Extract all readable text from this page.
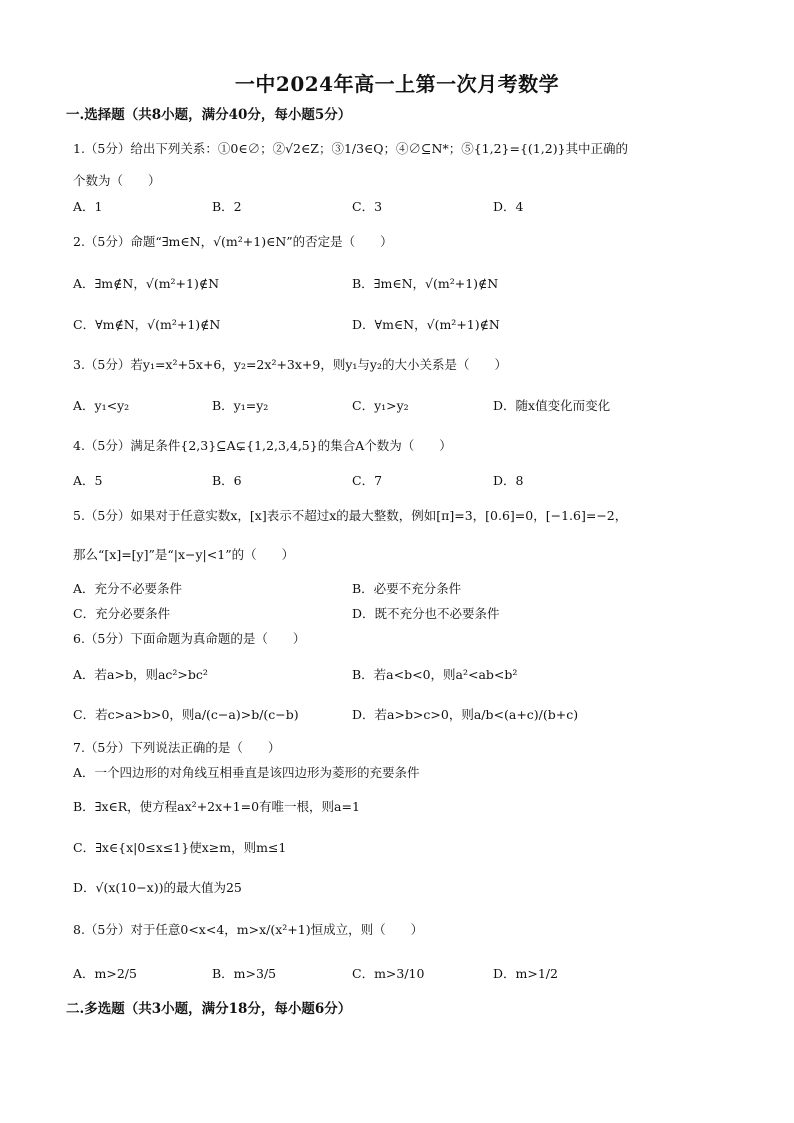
一中2024年高一上第一次月考数学
一.选择题（共8小题，满分40分，每小题5分）
1.（5分）给出下列关系：①0∈∅；②√2∈Z；③1/3∈Q；④∅⊆N*；⑤{1,2}={(1,2)}其中正确的
个数为（　　）
A．1	B．2	C．3	D．4
2.（5分）命题“∃m∈N，√(m²+1)∈N”的否定是（　　）
A．∃m∉N，√(m²+1)∉N	B．∃m∈N，√(m²+1)∉N
C．∀m∉N，√(m²+1)∉N	D．∀m∈N，√(m²+1)∉N
3.（5分）若y₁=x²+5x+6，y₂=2x²+3x+9，则y₁与y₂的大小关系是（　　）
A．y₁<y₂	B．y₁=y₂	C．y₁>y₂	D．随x值变化而变化
4.（5分）满足条件{2,3}⊆A⊊{1,2,3,4,5}的集合A个数为（　　）
A．5	B．6	C．7	D．8
5.（5分）如果对于任意实数x，[x]表示不超过x的最大整数，例如[π]=3，[0.6]=0，[−1.6]=−2，
那么“[x]=[y]”是“|x−y|<1”的（　　）
A．充分不必要条件	B．必要不充分条件
C．充分必要条件	D．既不充分也不必要条件
6.（5分）下面命题为真命题的是（　　）
A．若a>b，则ac²>bc²	B．若a<b<0，则a²<ab<b²
C．若c>a>b>0，则a/(c−a)>b/(c−b)	D．若a>b>c>0，则a/b<(a+c)/(b+c)
7.（5分）下列说法正确的是（　　）
A．一个四边形的对角线互相垂直是该四边形为菱形的充要条件
B．∃x∈R，使方程ax²+2x+1=0有唯一根，则a=1
C．∃x∈{x|0≤x≤1}使x≥m，则m≤1
D．√(x(10−x))的最大值为25
8.（5分）对于任意0<x<4，m>x/(x²+1)恒成立，则（　　）
A．m>2/5	B．m>3/5	C．m>3/10	D．m>1/2
二.多选题（共3小题，满分18分，每小题6分）
